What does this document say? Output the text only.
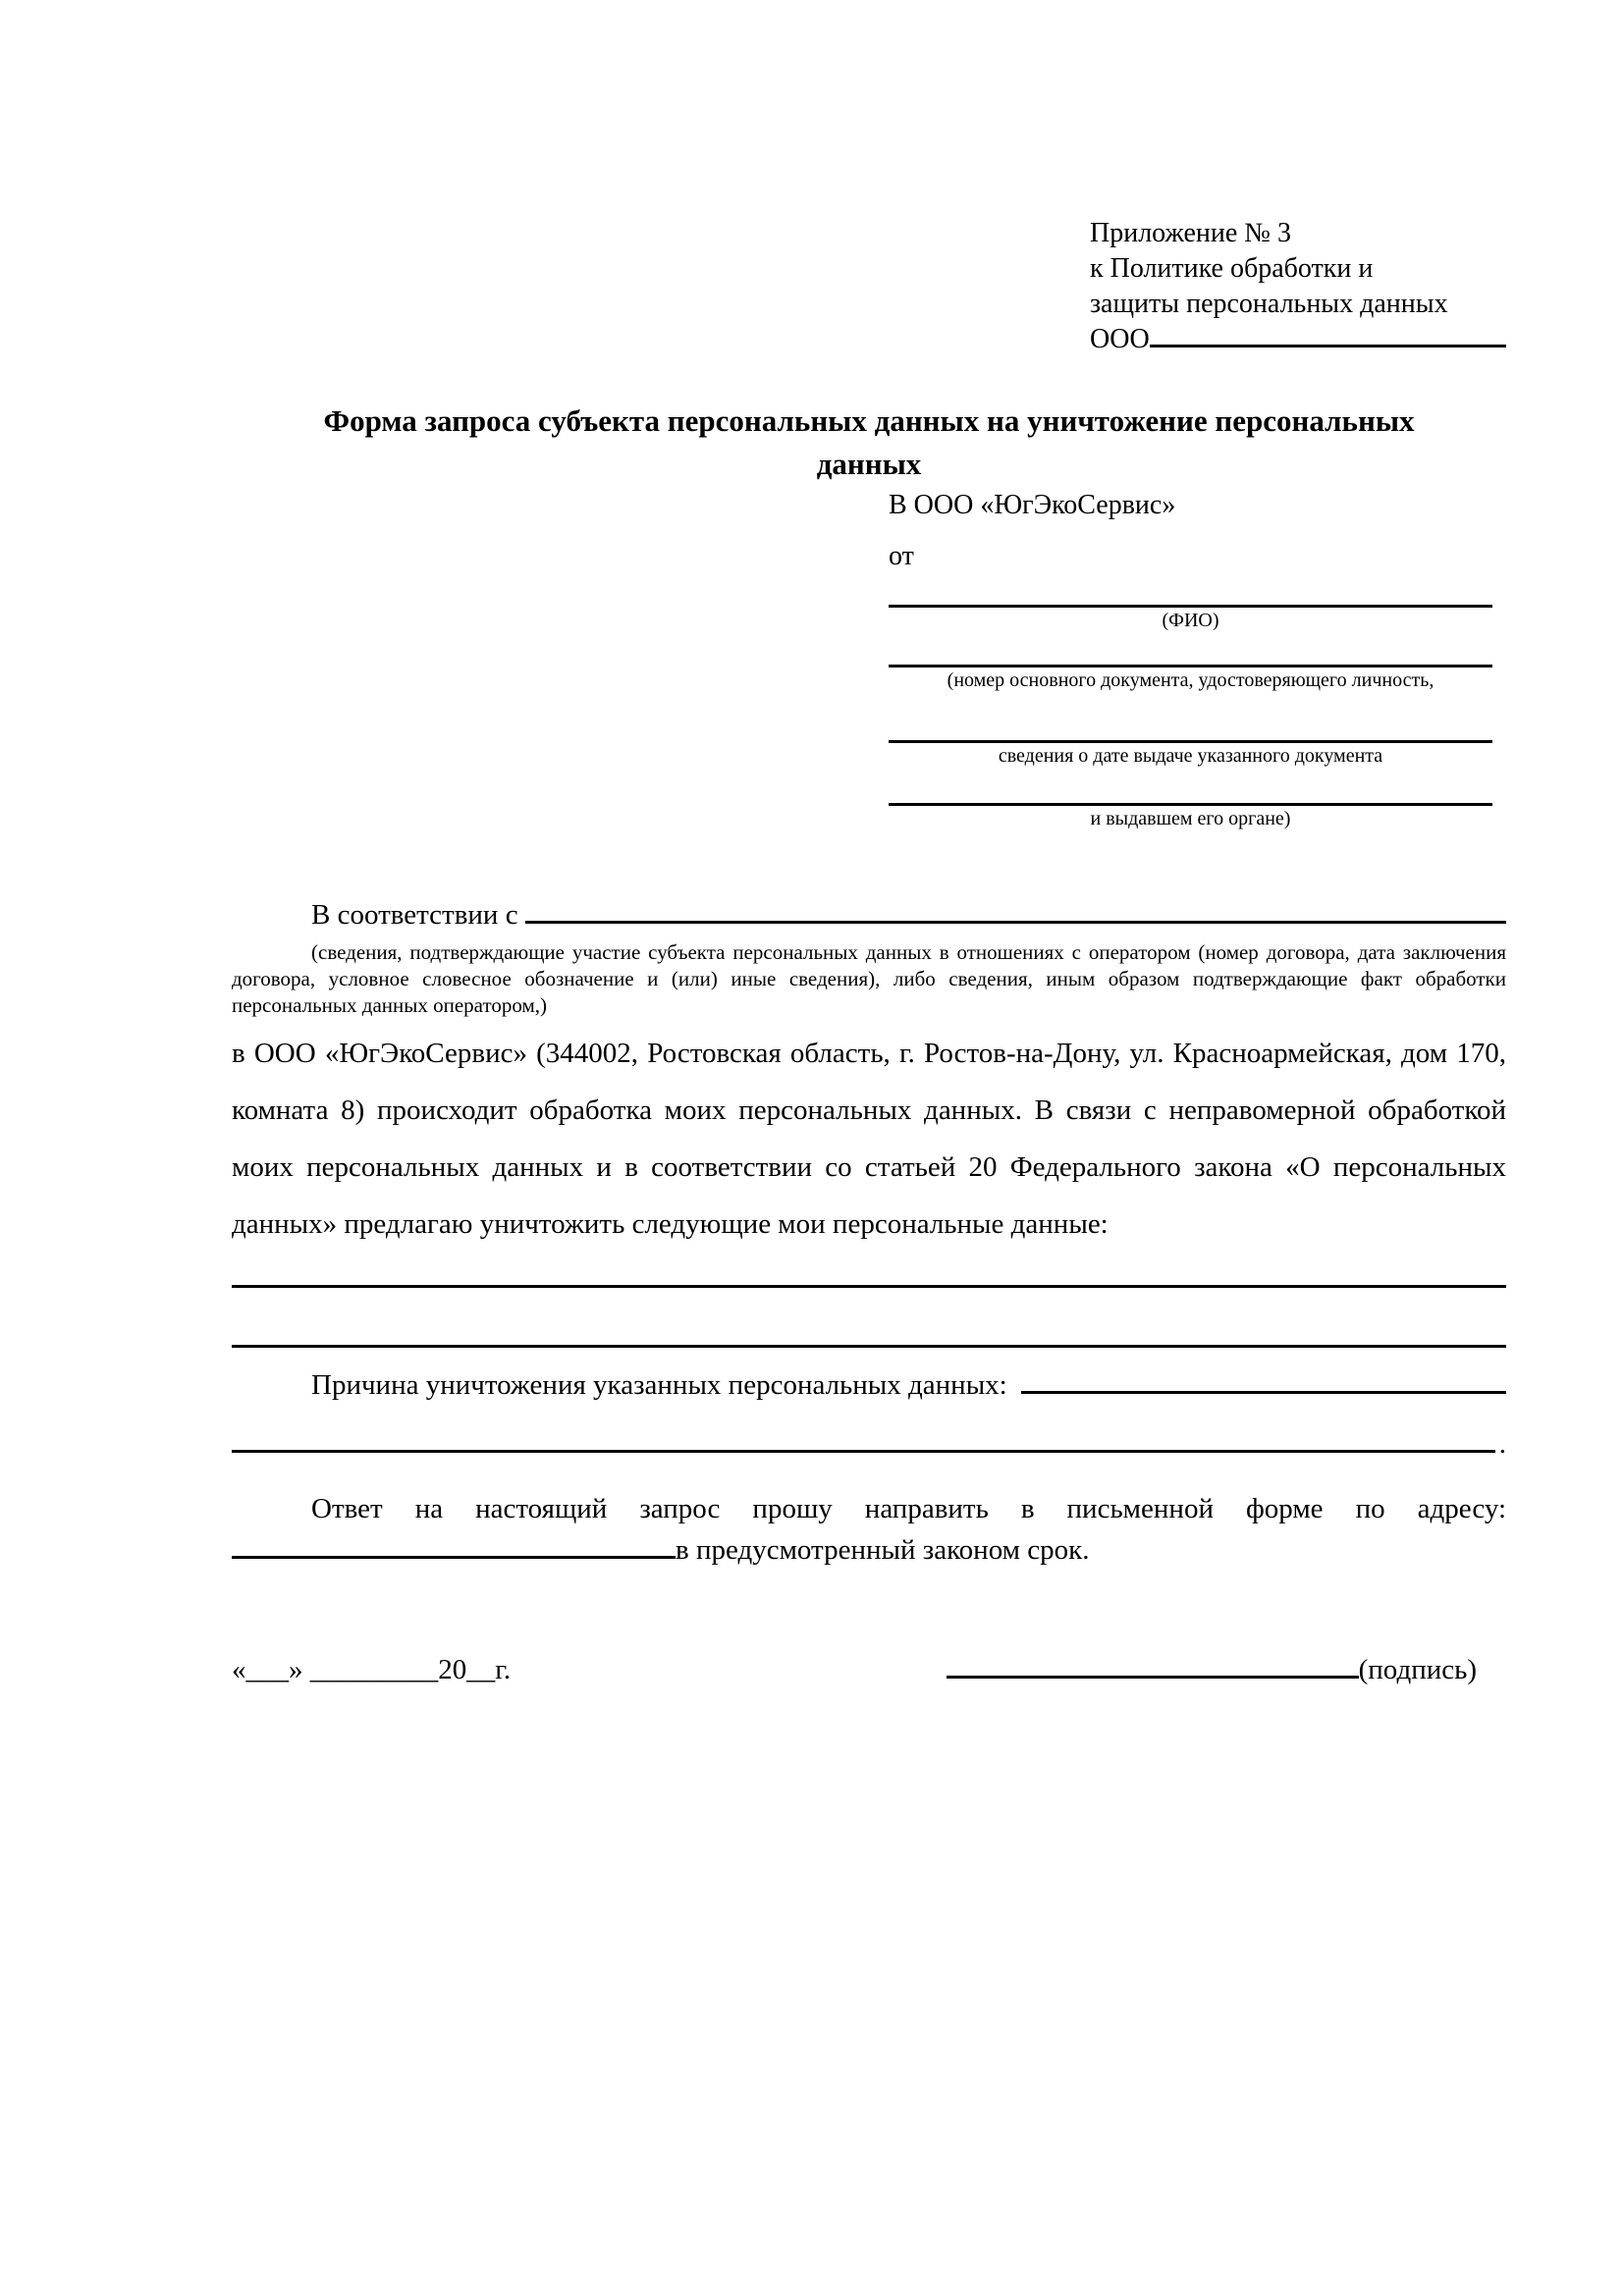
Приложение № 3
к Политике обработки и
защиты персональных данных
ООО
Форма запроса субъекта персональных данных на уничтожение персональных данных
В ООО «ЮгЭкоСервис»
от
(ФИО)
(номер основного документа, удостоверяющего личность,
сведения о дате выдаче указанного документа
и выдавшем его органе)
В соответствии с
(сведения, подтверждающие участие субъекта персональных данных в отношениях с оператором (номер договора, дата заключения договора, условное словесное обозначение и (или) иные сведения), либо сведения, иным образом подтверждающие факт обработки персональных данных оператором,)
в ООО «ЮгЭкоСервис» (344002, Ростовская область, г. Ростов-на-Дону, ул. Красноармейская, дом 170, комната 8) происходит обработка моих персональных данных. В связи с неправомерной обработкой моих персональных данных и в соответствии со статьей 20 Федерального закона «О персональных данных» предлагаю уничтожить следующие мои персональные данные:
Причина уничтожения указанных персональных данных:
.
Ответ на настоящий запрос прошу направить в письменной форме по адресу:
в предусмотренный законом срок.
«___» _________20__г.	(подпись)
